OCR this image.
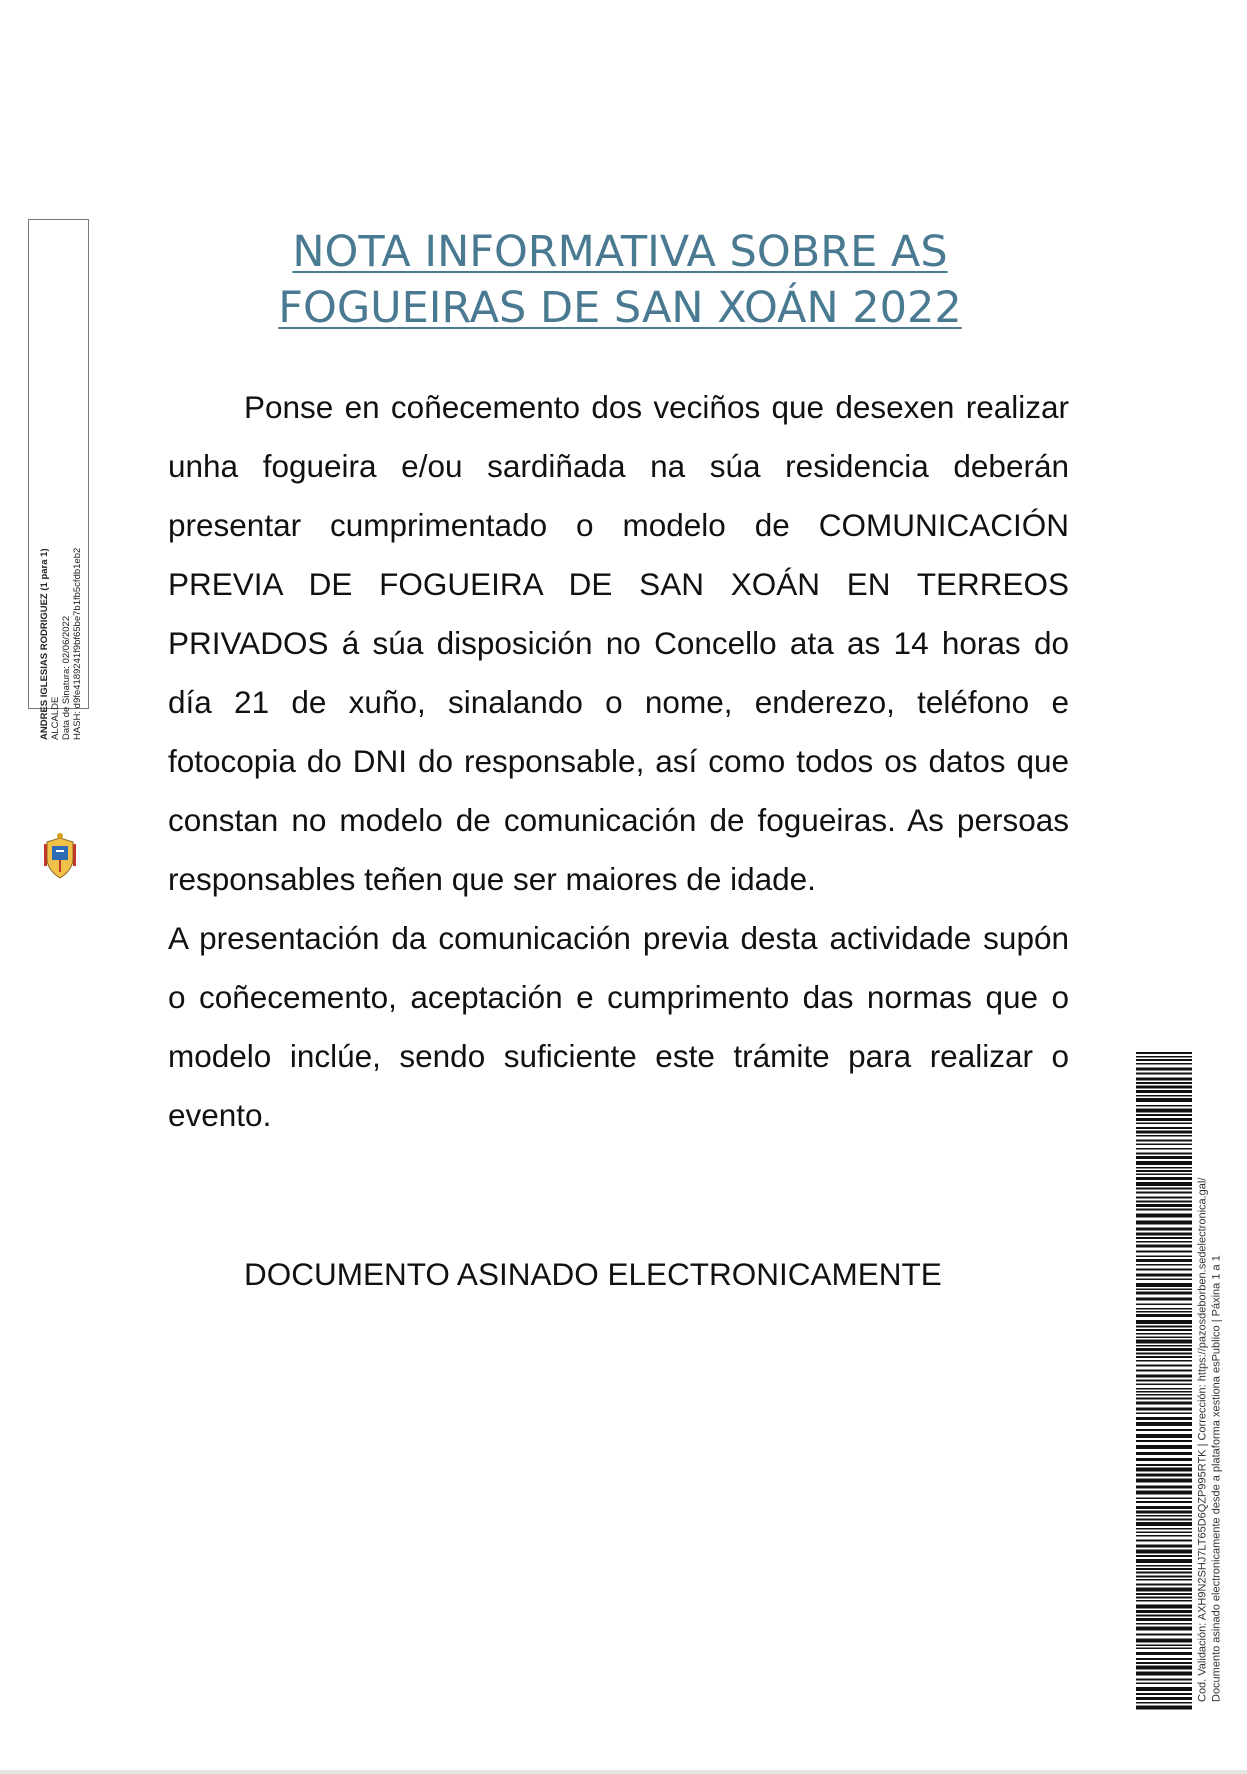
ANDRES IGLESIAS RODRIGUEZ (1 para 1) ALCALDE Data de Sinatura: 02/06/2022 HASH: d9fe4189241f9bf65be7b1fb5cfdb1eb2
NOTA INFORMATIVA SOBRE AS
FOGUEIRAS DE SAN XOÁN 2022

Ponse en coñecemento dos veciños que desexen realizar unha fogueira e/ou sardiñada na súa residencia deberán presentar cumprimentado o modelo de COMUNICACIÓN PREVIA DE FOGUEIRA DE SAN XOÁN EN TERREOS PRIVADOS á súa disposición no Concello ata as 14 horas do día 21 de xuño, sinalando o nome, enderezo, teléfono e fotocopia do DNI do responsable, así como todos os datos que constan no modelo de comunicación de fogueiras. As persoas responsables teñen que ser maiores de idade.

A presentación da comunicación previa desta actividade supón o coñecemento, aceptación e cumprimento das normas que o modelo inclúe, sendo suficiente este trámite para realizar o evento.

DOCUMENTO ASINADO ELECTRONICAMENTE	Cod. Validación: AXH9N2SHJ7LT65D6QZP995RTK | Corrección: https://pazosdeborben.sedelectronica.gal/ Documento asinado electronicamente desde a plataforma xestiona esPublico | Páxina 1 a 1
